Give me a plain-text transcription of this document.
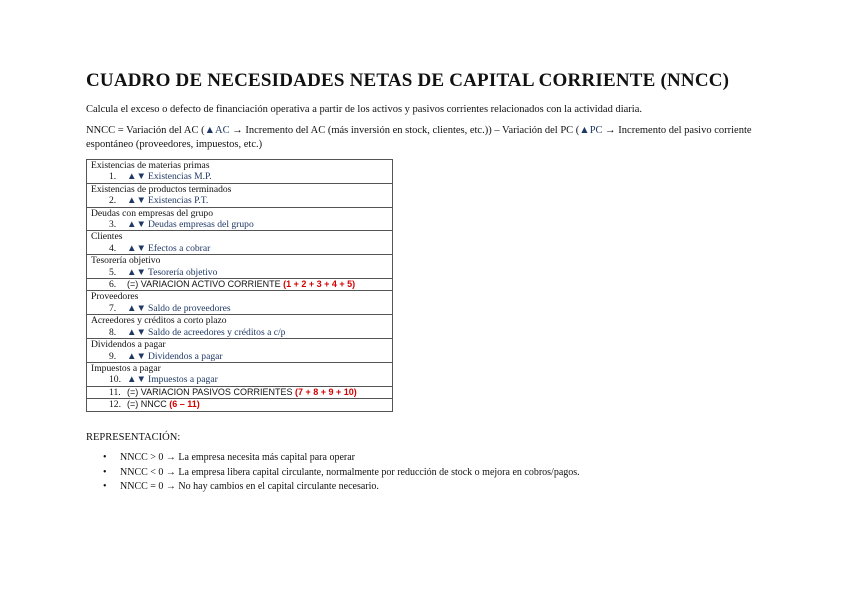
CUADRO DE NECESIDADES NETAS DE CAPITAL CORRIENTE (NNCC)

Calcula el exceso o defecto de financiación operativa a partir de los activos y pasivos corrientes relacionados con la actividad diaria.

NNCC = Variación del AC (▲AC → Incremento del AC (más inversión en stock, clientes, etc.)) – Variación del PC (▲PC → Incremento del pasivo corriente espontáneo (proveedores, impuestos, etc.)

Existencias de materias primas
1. ▲▼ Existencias M.P.

Existencias de productos terminados
2. ▲▼ Existencias P.T.

Deudas con empresas del grupo
3. ▲▼ Deudas empresas del grupo

Clientes
4. ▲▼ Efectos a cobrar

Tesorería objetivo
5. ▲▼ Tesorería objetivo

6. (=) VARIACION ACTIVO CORRIENTE (1 + 2 + 3 + 4 + 5)

Proveedores
7. ▲▼ Saldo de proveedores

Acreedores y créditos a corto plazo
8. ▲▼ Saldo de acreedores y créditos a c/p

Dividendos a pagar
9. ▲▼ Dividendos a pagar

Impuestos a pagar
10. ▲▼ Impuestos a pagar

11. (=) VARIACION PASIVOS CORRIENTES (7 + 8 + 9 + 10)

12. (=) NNCC (6 – 11)

REPRESENTACIÓN:

• NNCC > 0 → La empresa necesita más capital para operar
• NNCC < 0 → La empresa libera capital circulante, normalmente por reducción de stock o mejora en cobros/pagos.
• NNCC = 0 → No hay cambios en el capital circulante necesario.
